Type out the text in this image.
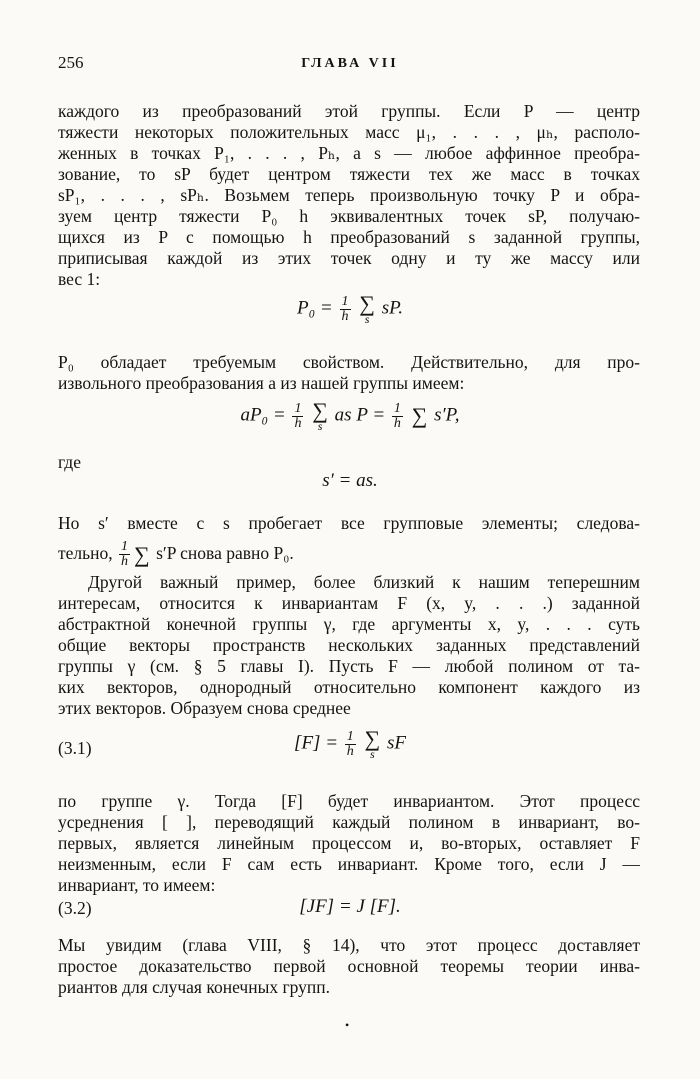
256	ГЛАВА VII
каждого из преобразований этой группы. Если P — центр
тяжести некоторых положительных масс μ₁, . . . , μₕ, располо-
женных в точках P₁, . . . , Pₕ, а s — любое аффинное преобра-
зование, то sP будет центром тяжести тех же масс в точках
sP₁, . . . , sPₕ. Возьмем теперь произвольную точку P и обра-
зуем центр тяжести P₀ h эквивалентных точек sP, получаю-
щихся из P с помощью h преобразований s заданной группы,
приписывая каждой из этих точек одну и ту же массу или
вес 1:
$P_0 = \frac{1}{h}$
∑
s
sP.
P₀ обладает требуемым свойством. Действительно, для про-
извольного преобразования a из нашей группы имеем:
$aP_0 = \frac{1}{h}$
∑
s
as $P = \frac{1}{h}$
∑ s′P,
где
s′ = as.
Но s′ вместе с s пробегает все групповые элементы; следова-
тельно, $\frac{1}{h}$ ∑ s′P снова равно P₀.
Другой важный пример, более близкий к нашим теперешним
интересам, относится к инвариантам F (x, y, . . .) заданной
абстрактной конечной группы γ, где аргументы x, y, . . . суть
общие векторы пространств нескольких заданных представлений
группы γ (см. § 5 главы I). Пусть F — любой полином от та-
ких векторов, однородный относительно компонент каждого из
этих векторов. Образуем снова среднее
(3.1)	$[F] = \frac{1}{h}$
∑
s
sF
по группе γ. Тогда [F] будет инвариантом. Этот процесс
усреднения [ ], переводящий каждый полином в инвариант, во-
первых, является линейным процессом и, во-вторых, оставляет F
неизменным, если F сам есть инвариант. Кроме того, если J —
инвариант, то имеем:
(3.2)	[JF] = J [F].
Мы увидим (глава VIII, § 14), что этот процесс доставляет
простое доказательство первой основной теоремы теории инва-
риантов для случая конечных групп.
•
